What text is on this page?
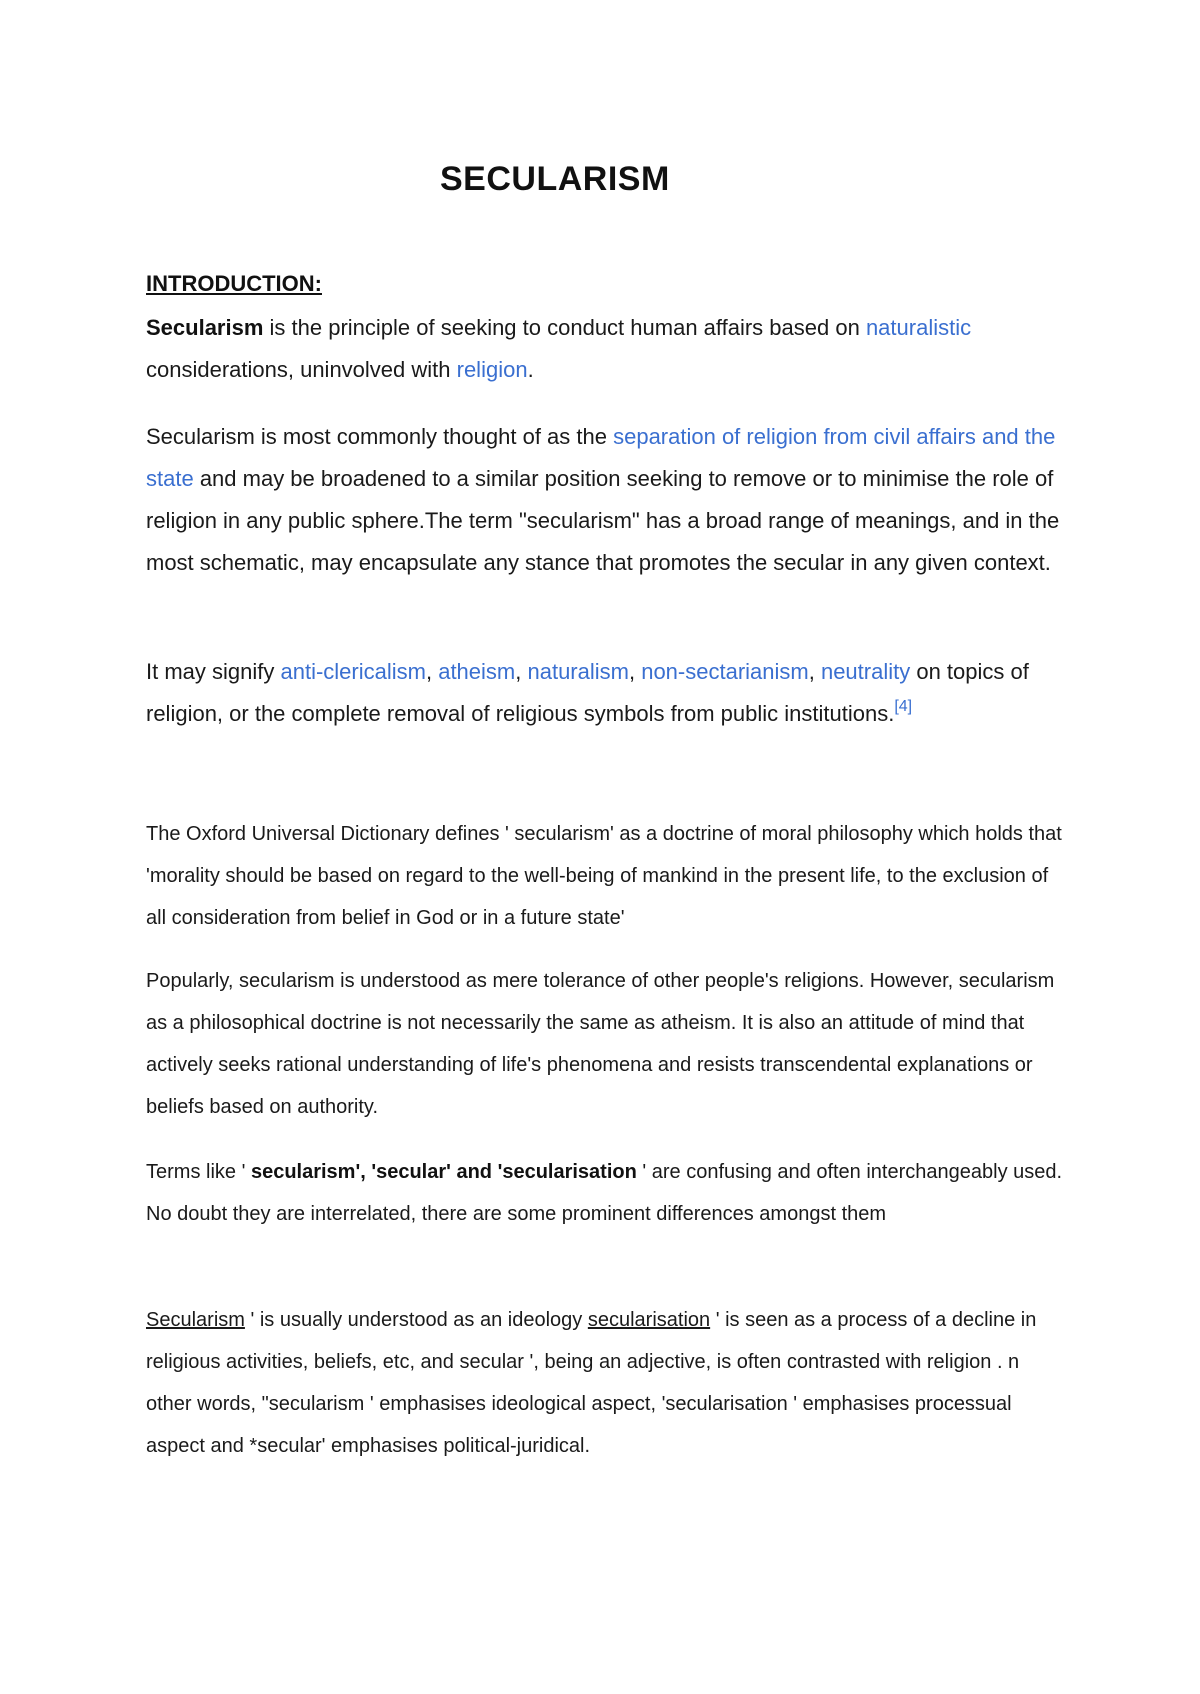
SECULARISM
INTRODUCTION:

Secularism is the principle of seeking to conduct human affairs based on naturalistic considerations, uninvolved with religion.

Secularism is most commonly thought of as the separation of religion from civil affairs and the state and may be broadened to a similar position seeking to remove or to minimise the role of religion in any public sphere.The term "secularism" has a broad range of meanings, and in the most schematic, may encapsulate any stance that promotes the secular in any given context.

It may signify anti-clericalism, atheism, naturalism, non-sectarianism, neutrality on topics of religion, or the complete removal of religious symbols from public institutions.[4]

The Oxford Universal Dictionary defines ' secularism' as a doctrine of moral philosophy which holds that 'morality should be based on regard to the well-being of mankind in the present life, to the exclusion of all consideration from belief in God or in a future state'

Popularly, secularism is understood as mere tolerance of other people's religions. However, secularism as a philosophical doctrine is not necessarily the same as atheism. It is also an attitude of mind that actively seeks rational understanding of life's phenomena and resists transcendental explanations or beliefs based on authority.

Terms like ' secularism', 'secular' and 'secularisation ' are confusing and often interchangeably used. No doubt they are interrelated, there are some prominent differences amongst them

Secularism ' is usually understood as an ideology secularisation ' is seen as a process of a decline in religious activities, beliefs, etc, and secular ', being an adjective, is often contrasted with religion . n other words, "secularism ' emphasises ideological aspect, 'secularisation ' emphasises processual aspect and *secular' emphasises political-juridical.
